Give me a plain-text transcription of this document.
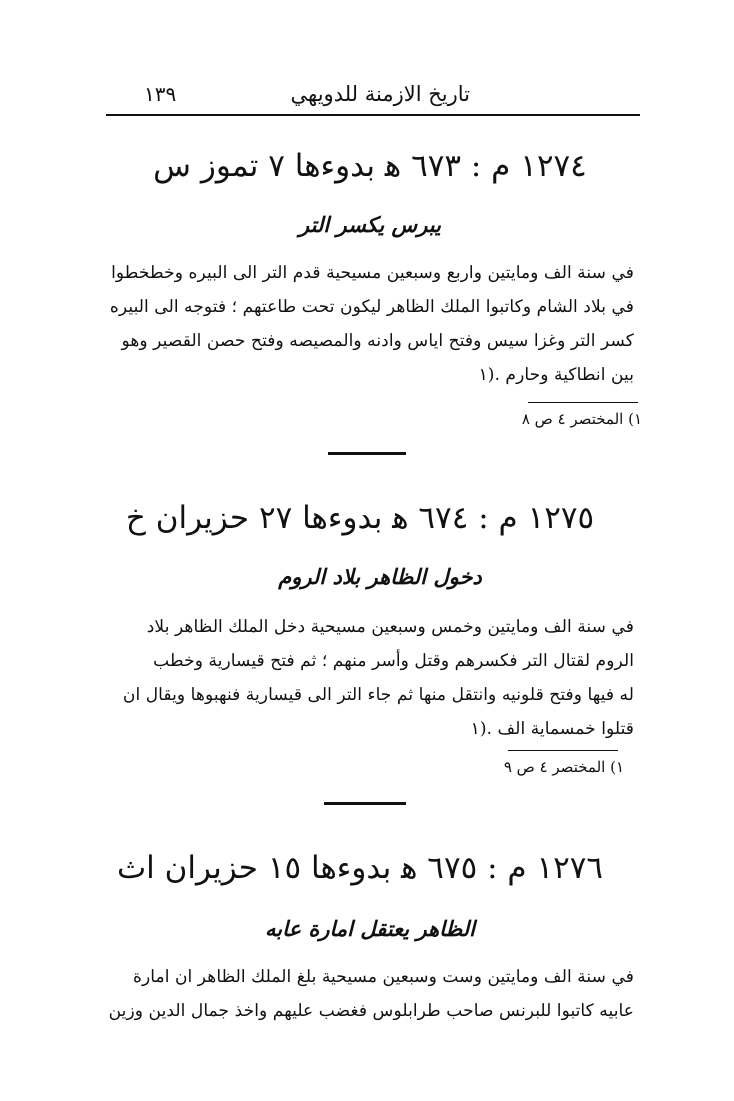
تاريخ الازمنة للدويهي
١٣٩
١٢٧٤ م : ٦٧٣ ﻫ بدوءها ٧ تموز س
يبرس يكسر التر

في سنة الف ومايتين واربع وسبعين مسيحية قدم التر الى البيره وخطخطوا

في بلاد الشام وكاتبوا الملك الظاهر ليكون تحت طاعتهم ؛ فتوجه الى البيره

كسر التر وغزا سيس وفتح اياس وادنه والمصيصه وفتح حصن القصير وهو

بين انطاكية وحارم .(١

١) المختصر ٤ ص ٨
١٢٧٥ م : ٦٧٤ ﻫ بدوءها ٢٧ حزيران خ
دخول الظاهر بلاد الروم

في سنة الف ومايتين وخمس وسبعين مسيحية دخل الملك الظاهر بلاد

الروم لقتال التر فكسرهم وقتل وأسر منهم ؛ ثم فتح قيسارية وخطب

له فيها وفتح قلونيه وانتقل منها ثم جاء التر الى قيسارية فنهبوها ويقال ان

قتلوا خمسماية الف .(١

١) المختصر ٤ ص ٩
١٢٧٦ م : ٦٧٥ ﻫ بدوءها ١٥ حزيران اث
الظاهر يعتقل امارة عابه

في سنة الف ومايتين وست وسبعين مسيحية بلغ الملك الظاهر ان امارة

عابيه كاتبوا للبرنس صاحب طرابلوس فغضب عليهم واخذ جمال الدين وزين
